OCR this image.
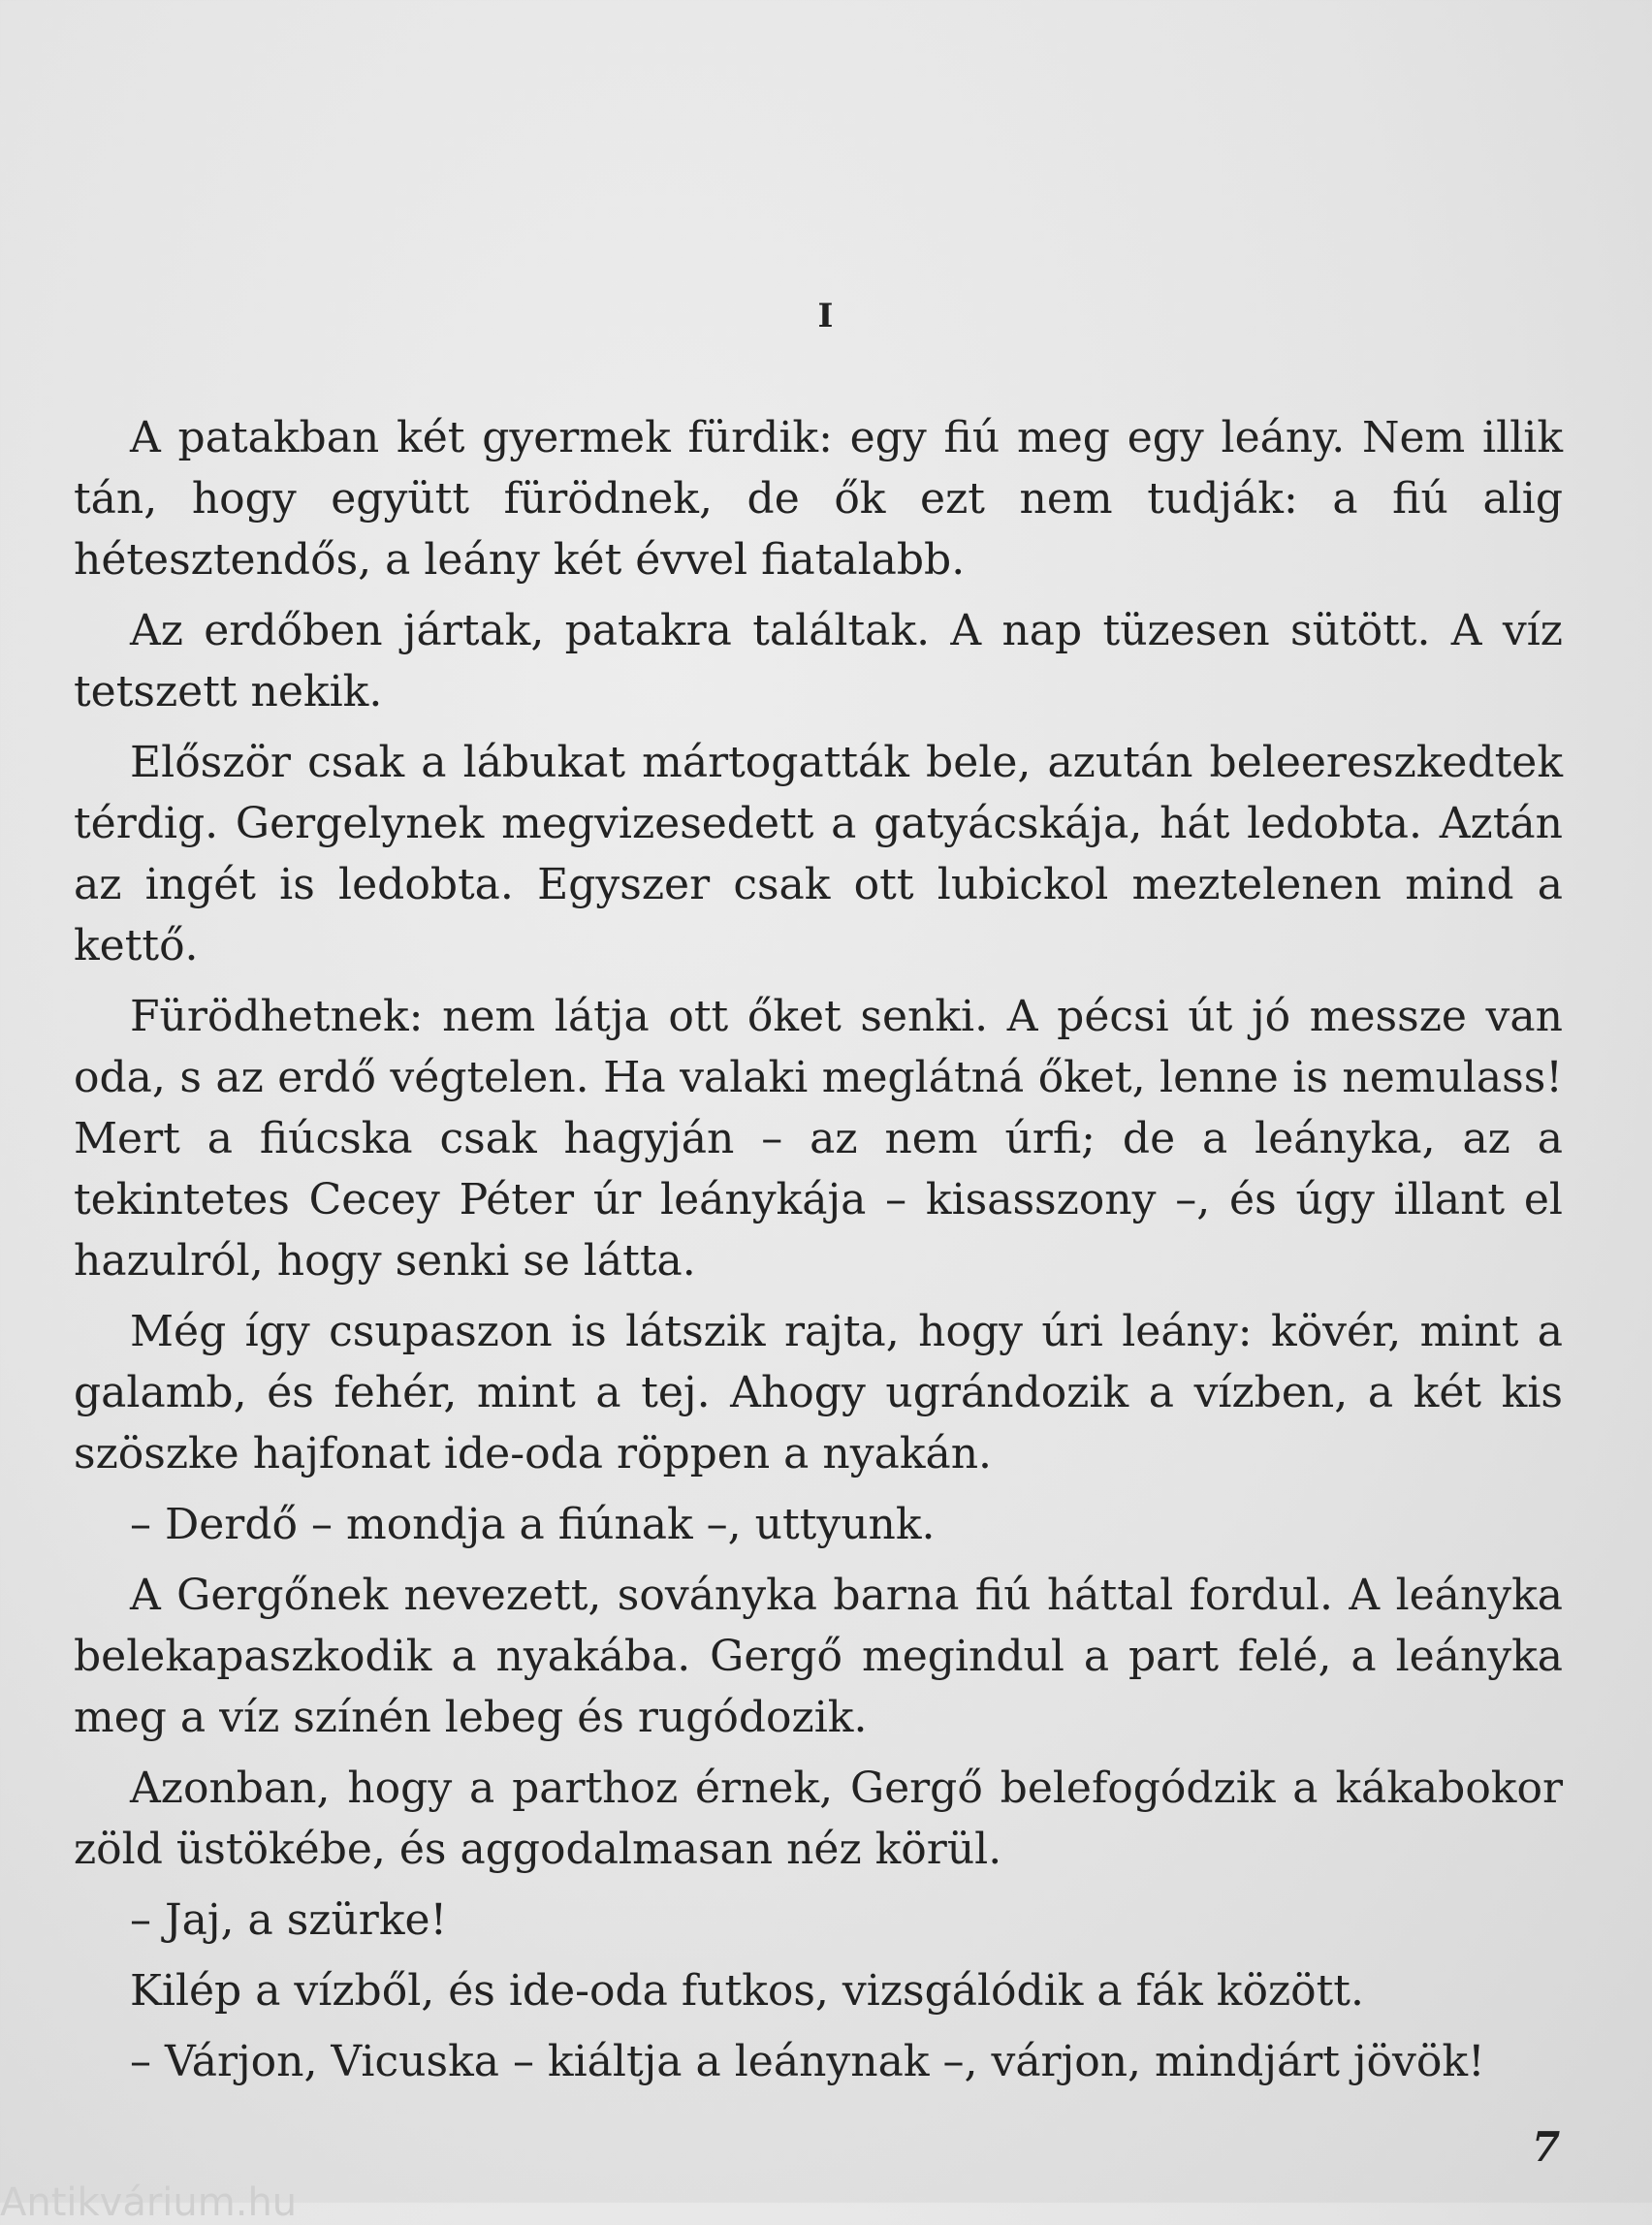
I

A patakban két gyermek fürdik: egy fiú meg egy leány. Nem illik tán, hogy együtt fürödnek, de ők ezt nem tudják: a fiú alig hétesztendős, a leány két évvel fiatalabb.

Az erdőben jártak, patakra találtak. A nap tüzesen sütött. A víz tetszett nekik.

Először csak a lábukat mártogatták bele, azután beleereszkedtek térdig. Gergelynek megvizesedett a gatyácskája, hát ledobta. Aztán az ingét is ledobta. Egyszer csak ott lubickol meztelenen mind a kettő.

Fürödhetnek: nem látja ott őket senki. A pécsi út jó messze van oda, s az erdő végtelen. Ha valaki meglátná őket, lenne is nemulass! Mert a fiúcska csak hagyján – az nem úrfi; de a leányka, az a tekintetes Cecey Péter úr leánykája – kisasszony –, és úgy illant el hazulról, hogy senki se látta.

Még így csupaszon is látszik rajta, hogy úri leány: kövér, mint a galamb, és fehér, mint a tej. Ahogy ugrándozik a vízben, a két kis szöszke hajfonat ide-oda röppen a nyakán.

– Derdő – mondja a fiúnak –, uttyunk.

A Gergőnek nevezett, soványka barna fiú háttal fordul. A leányka belekapaszkodik a nyakába. Gergő megindul a part felé, a leányka meg a víz színén lebeg és rugódozik.

Azonban, hogy a parthoz érnek, Gergő belefogódzik a kákabokor zöld üstökébe, és aggodalmasan néz körül.

– Jaj, a szürke!

Kilép a vízből, és ide-oda futkos, vizsgálódik a fák között.

– Várjon, Vicuska – kiáltja a leánynak –, várjon, mindjárt jövök!

7
Antikvárium.hu
